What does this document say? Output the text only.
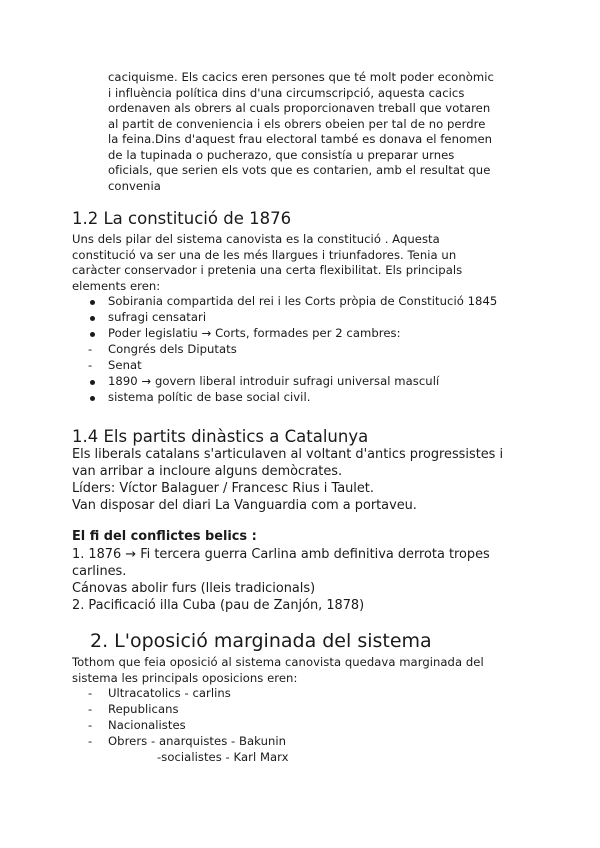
caciquisme. Els cacics eren persones que té molt poder econòmic
i influència política dins d'una circumscripció, aquesta cacics
ordenaven als obrers al cuals proporcionaven treball que votaren
al partit de conveniencia i els obrers obeien per tal de no perdre
la feina.Dins d'aquest frau electoral també es donava el fenomen
de la tupinada o pucherazo, que consistía u preparar urnes
oficials, que serien els vots que es contarien, amb el resultat que
convenia
1.2 La constitució de 1876
Uns dels pilar del sistema canovista es la constitució . Aquesta
constitució va ser una de les més llargues i triunfadores. Tenia un
caràcter conservador i pretenia una certa flexibilitat. Els principals
elements eren:
Sobirania compartida del rei i les Corts pròpia de Constitució 1845
sufragi censatari
Poder legislatiu → Corts, formades per 2 cambres:
- Congrés dels Diputats
- Senat
1890 → govern liberal introduir sufragi universal masculí
sistema polític de base social civil.
1.4 Els partits dinàstics a Catalunya
Els liberals catalans s'articulaven al voltant d'antics progressistes i
van arribar a incloure alguns demòcrates.
Líders: Víctor Balaguer / Francesc Rius i Taulet.
Van disposar del diari La Vanguardia com a portaveu.
El fi del conflictes belics :
1. 1876 → Fi tercera guerra Carlina amb definitiva derrota tropes
carlines.
Cánovas abolir furs (lleis tradicionals)
2. Pacificació illa Cuba (pau de Zanjón, 1878)
2. L'oposició marginada del sistema
Tothom que feia oposició al sistema canovista quedava marginada del
sistema les principals oposicions eren:
- Ultracatolics - carlins
- Republicans
- Nacionalistes
- Obrers - anarquistes - Bakunin
-socialistes - Karl Marx
